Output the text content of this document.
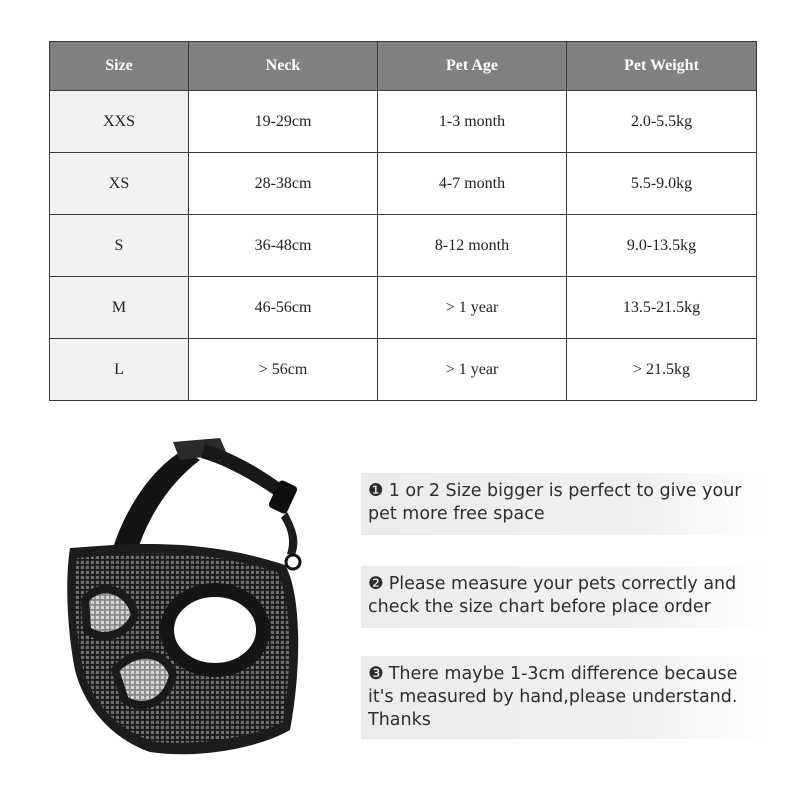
Size	Neck	Pet Age	Pet Weight
XXS	19-29cm	1-3 month	2.0-5.5kg
XS	28-38cm	4-7 month	5.5-9.0kg
S	36-48cm	8-12 month	9.0-13.5kg
M	46-56cm	> 1 year	13.5-21.5kg
L	> 56cm	> 1 year	> 21.5kg
❶ 1 or 2 Size bigger is perfect to give your pet more free space
❷ Please measure your pets correctly and check the size chart before place order
❸ There maybe 1-3cm difference because it's measured by hand,please understand. Thanks
